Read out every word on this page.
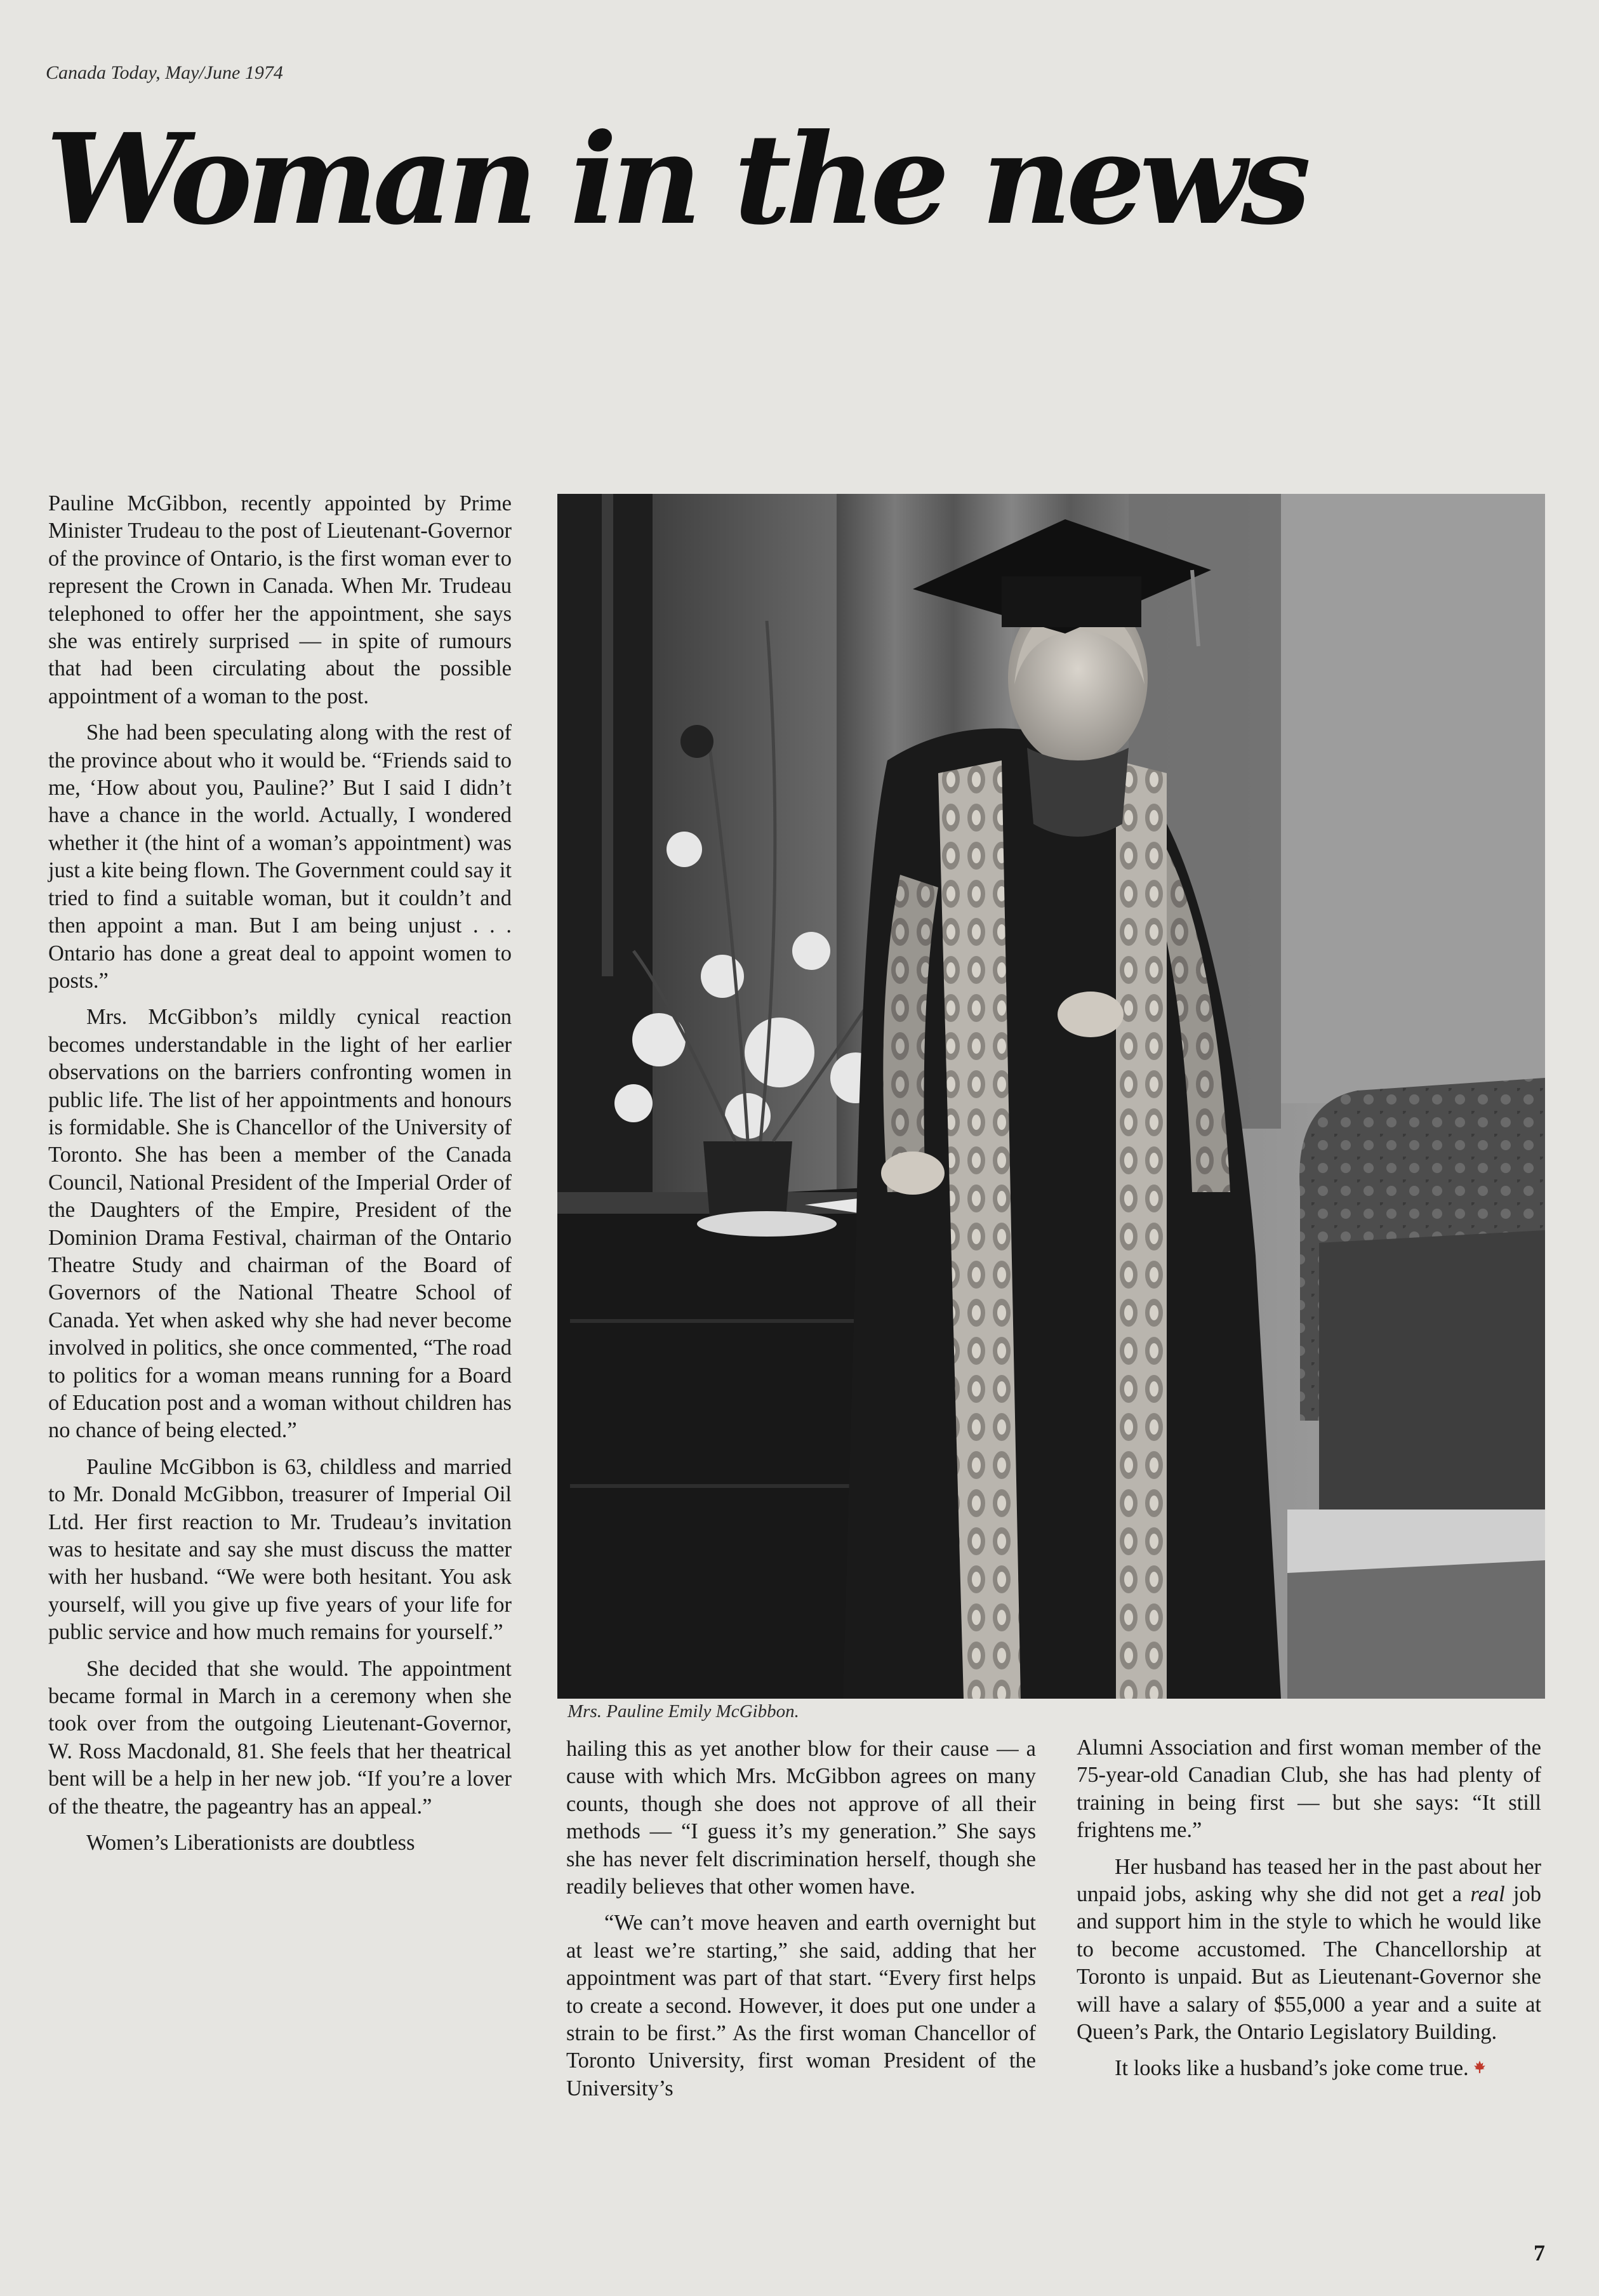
Canada Today, May/June 1974
Woman in the news

Pauline McGibbon, recently appointed by Prime Minister Trudeau to the post of Lieutenant-Governor of the province of Ontario, is the first woman ever to represent the Crown in Canada. When Mr. Trudeau telephoned to offer her the appointment, she says she was entirely surprised — in spite of rumours that had been circulating about the possible appointment of a woman to the post.

She had been speculating along with the rest of the province about who it would be. “Friends said to me, ‘How about you, Pauline?’ But I said I didn’t have a chance in the world. Actually, I wondered whether it (the hint of a woman’s appointment) was just a kite being flown. The Government could say it tried to find a suitable woman, but it couldn’t and then appoint a man. But I am being unjust . . . Ontario has done a great deal to appoint women to posts.”

Mrs. McGibbon’s mildly cynical reaction becomes understandable in the light of her earlier observations on the barriers confronting women in public life. The list of her appointments and honours is formidable. She is Chancellor of the University of Toronto. She has been a member of the Canada Council, National President of the Imperial Order of the Daughters of the Empire, President of the Dominion Drama Festival, chairman of the Ontario Theatre Study and chairman of the Board of Governors of the National Theatre School of Canada. Yet when asked why she had never become involved in politics, she once commented, “The road to politics for a woman means running for a Board of Education post and a woman without children has no chance of being elected.”

Pauline McGibbon is 63, childless and married to Mr. Donald McGibbon, treasurer of Imperial Oil Ltd. Her first reaction to Mr. Trudeau’s invitation was to hesitate and say she must discuss the matter with her husband. “We were both hesitant. You ask yourself, will you give up five years of your life for public service and how much remains for yourself.”

She decided that she would. The appointment became formal in March in a ceremony when she took over from the outgoing Lieutenant-Governor, W. Ross Macdonald, 81. She feels that her theatrical bent will be a help in her new job. “If you’re a lover of the theatre, the pageantry has an appeal.”

Women’s Liberationists are doubtless

Mrs. Pauline Emily McGibbon.

hailing this as yet another blow for their cause — a cause with which Mrs. McGibbon agrees on many counts, though she does not approve of all their methods — “I guess it’s my generation.” She says she has never felt discrimination herself, though she readily believes that other women have.

“We can’t move heaven and earth overnight but at least we’re starting,” she said, adding that her appointment was part of that start. “Every first helps to create a second. However, it does put one under a strain to be first.” As the first woman Chancellor of Toronto University, first woman President of the University’s

Alumni Association and first woman member of the 75-year-old Canadian Club, she has had plenty of training in being first — but she says: “It still frightens me.”

Her husband has teased her in the past about her unpaid jobs, asking why she did not get a real job and support him in the style to which he would like to become accustomed. The Chancellorship at Toronto is unpaid. But as Lieutenant-Governor she will have a salary of $55,000 a year and a suite at Queen’s Park, the Ontario Legislatory Building.

It looks like a husband’s joke come true.

7
